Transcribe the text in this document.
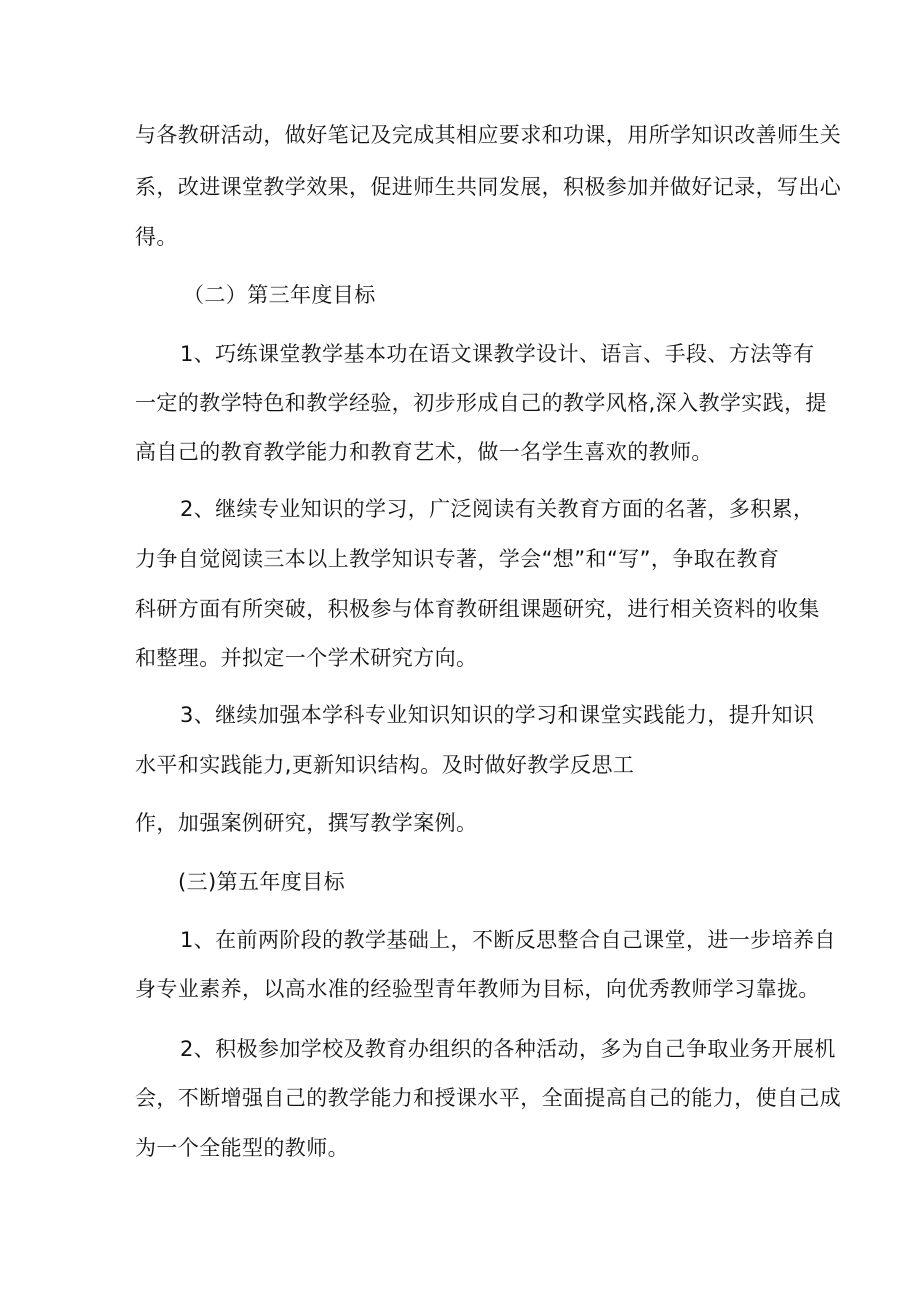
与各教研活动，做好笔记及完成其相应要求和功课，用所学知识改善师生关

系，改进课堂教学效果，促进师生共同发展，积极参加并做好记录，写出心

得。

（二）第三年度目标

1、巧练课堂教学基本功在语文课教学设计、语言、手段、方法等有

一定的教学特色和教学经验，初步形成自己的教学风格,深入教学实践，提

高自己的教育教学能力和教育艺术，做一名学生喜欢的教师。

2、继续专业知识的学习，广泛阅读有关教育方面的名著，多积累，

力争自觉阅读三本以上教学知识专著，学会“想”和“写”，争取在教育

科研方面有所突破，积极参与体育教研组课题研究，进行相关资料的收集

和整理。并拟定一个学术研究方向。

3、继续加强本学科专业知识知识的学习和课堂实践能力，提升知识

水平和实践能力,更新知识结构。及时做好教学反思工

作，加强案例研究，撰写教学案例。

(三)第五年度目标

1、在前两阶段的教学基础上，不断反思整合自己课堂，进一步培养自

身专业素养，以高水准的经验型青年教师为目标，向优秀教师学习靠拢。

2、积极参加学校及教育办组织的各种活动，多为自己争取业务开展机

会，不断增强自己的教学能力和授课水平，全面提高自己的能力，使自己成

为一个全能型的教师。
